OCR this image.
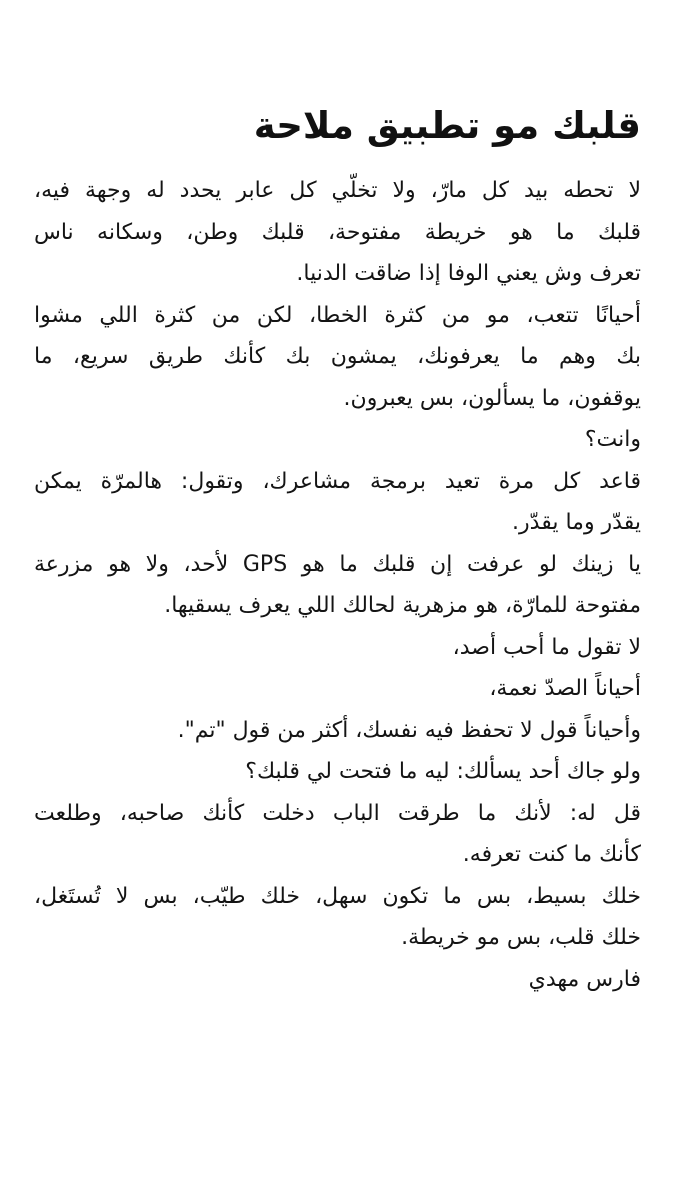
قلبك مو تطبيق ملاحة
لا تحطه بيد كل مارّ، ولا تخلّي كل عابر يحدد له وجهة فيه،
قلبك ما هو خريطة مفتوحة، قلبك وطن، وسكانه ناس
تعرف وش يعني الوفا إذا ضاقت الدنيا.
أحيانًا تتعب، مو من كثرة الخطا، لكن من كثرة اللي مشوا
بك وهم ما يعرفونك، يمشون بك كأنك طريق سريع، ما
يوقفون، ما يسألون، بس يعبرون.
وانت؟
قاعد كل مرة تعيد برمجة مشاعرك، وتقول: هالمرّة يمكن
يقدّر وما يقدّر.
يا زينك لو عرفت إن قلبك ما هو GPS لأحد، ولا هو مزرعة
مفتوحة للمارّة، هو مزهرية لحالك اللي يعرف يسقيها.
لا تقول ما أحب أصد،
أحياناً الصدّ نعمة،
وأحياناً قول لا تحفظ فيه نفسك، أكثر من قول "تم".
ولو جاك أحد يسألك: ليه ما فتحت لي قلبك؟
قل له: لأنك ما طرقت الباب دخلت كأنك صاحبه، وطلعت
كأنك ما كنت تعرفه.
خلك بسيط، بس ما تكون سهل، خلك طيّب، بس لا تُستَغل،
خلك قلب، بس مو خريطة.
فارس مهدي
